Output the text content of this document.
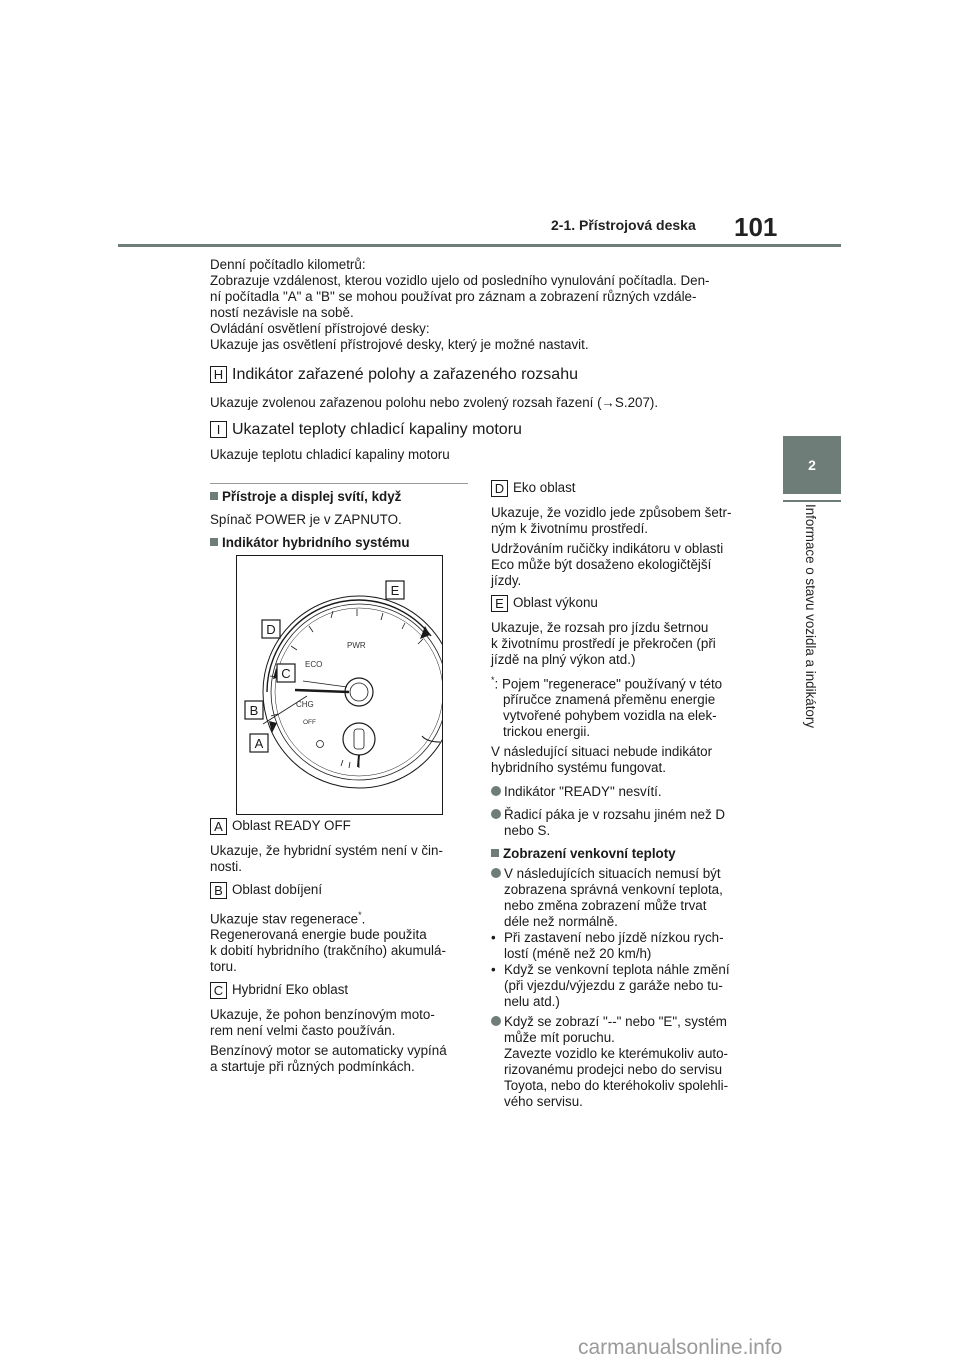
2-1. Přístrojová deska 101
2
Informace o stavu vozidla a indikátory

Denní počítadlo kilometrů:

Zobrazuje vzdálenost, kterou vozidlo ujelo od posledního vynulování počítadla. Den-

ní počítadla "A" a "B" se mohou používat pro záznam a zobrazení různých vzdále-

ností nezávisle na sobě.

Ovládání osvětlení přístrojové desky:

Ukazuje jas osvětlení přístrojové desky, který je možné nastavit.

H Indikátor zařazené polohy a zařazeného rozsahu

Ukazuje zvolenou zařazenou polohu nebo zvolený rozsah řazení (→S.207).

I Ukazatel teploty chladicí kapaliny motoru

Ukazuje teplotu chladicí kapaliny motoru

Přístroje a displej svítí, když

Spínač POWER je v ZAPNUTO.

Indikátor hybridního systému

PWR
ECO
CHG
OFF
E
D
C
B
A

A Oblast READY OFF

Ukazuje, že hybridní systém není v čin-

nosti.

B Oblast dobíjení

Ukazuje stav regenerace*.

Regenerovaná energie bude použita

k dobití hybridního (trakčního) akumulá-

toru.

C Hybridní Eko oblast

Ukazuje, že pohon benzínovým moto-

rem není velmi často používán.

Benzínový motor se automaticky vypíná

a startuje při různých podmínkách.

D Eko oblast

Ukazuje, že vozidlo jede způsobem šetr-

ným k životnímu prostředí.

Udržováním ručičky indikátoru v oblasti

Eco může být dosaženo ekologičtější

jízdy.

E Oblast výkonu

Ukazuje, že rozsah pro jízdu šetrnou

k životnímu prostředí je překročen (při

jízdě na plný výkon atd.)

*: Pojem "regenerace" používaný v této

příručce znamená přeměnu energie

vytvořené pohybem vozidla na elek-

trickou energii.

V následující situaci nebude indikátor

hybridního systému fungovat.

Indikátor "READY" nesvítí.

Řadicí páka je v rozsahu jiném než D

nebo S.

Zobrazení venkovní teploty

V následujících situacích nemusí být

zobrazena správná venkovní teplota,

nebo změna zobrazení může trvat

déle než normálně.

• Při zastavení nebo jízdě nízkou rych-

lostí (méně než 20 km/h)

• Když se venkovní teplota náhle změní

(při vjezdu/výjezdu z garáže nebo tu-

nelu atd.)

Když se zobrazí "--" nebo "E", systém

může mít poruchu.

Zavezte vozidlo ke kterémukoliv auto-

rizovanému prodejci nebo do servisu

Toyota, nebo do kteréhokoliv spolehli-

vého servisu.

carmanualsonline.info
